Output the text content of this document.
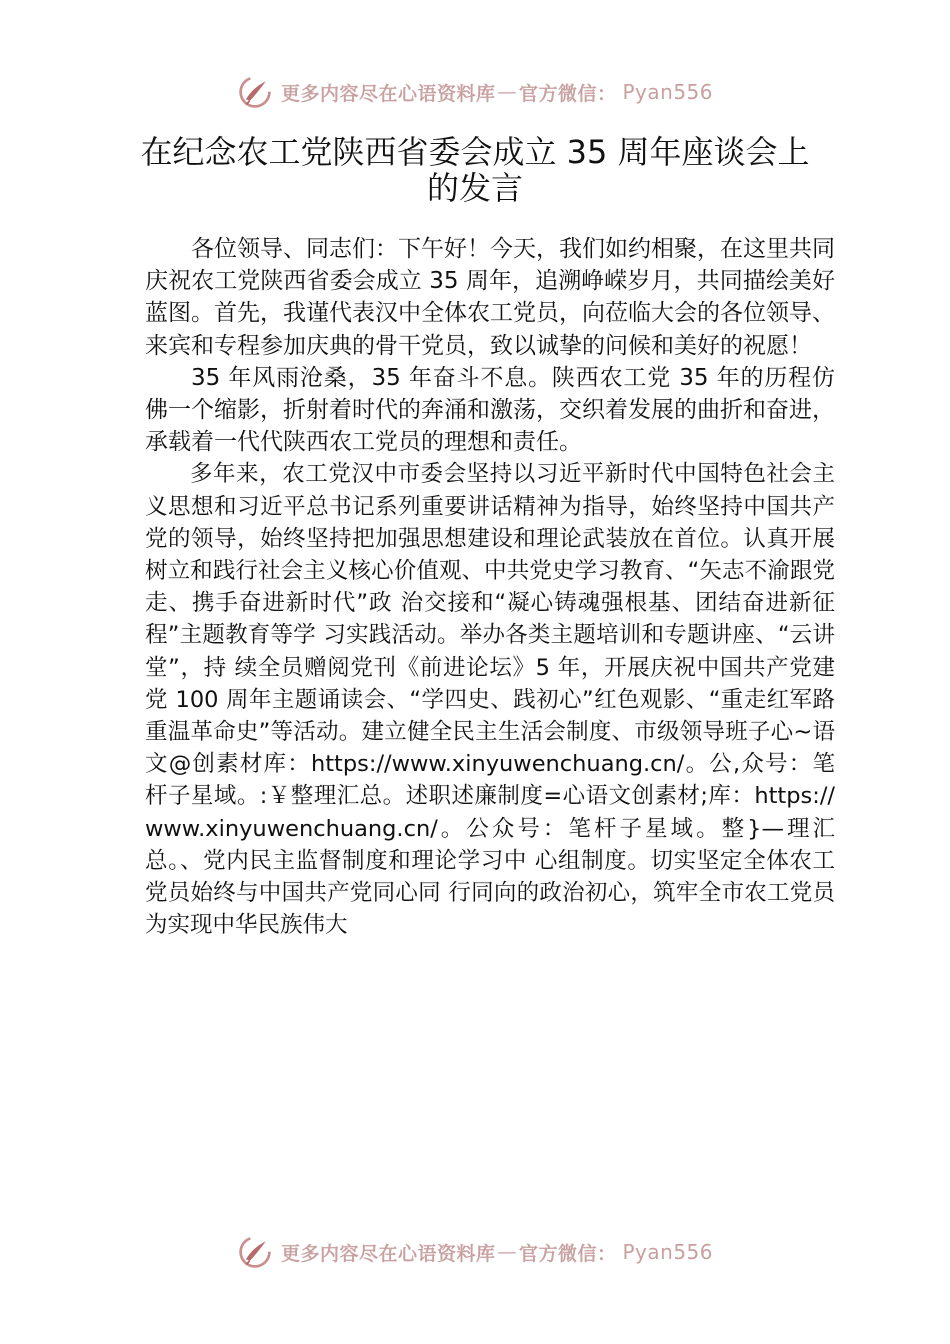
更多内容尽在心语资料库 — 官方微信： Pyan556
在纪念农工党陕西省委会成立 35 周年座谈会上的发言

各位领导、同志们：下午好！今天，我们如约相聚，在这里共同庆祝农工党陕西省委会成立 35 周年，追溯峥嵘岁月，共同描绘美好蓝图。首先，我谨代表汉中全体农工党员，向莅临大会的各位领导、来宾和专程参加庆典的骨干党员，致以诚挚的问候和美好的祝愿！

35 年风雨沧桑，35 年奋斗不息。陕西农工党 35 年的历程仿佛一个缩影，折射着时代的奔涌和激荡，交织着发展的曲折和奋进，承载着一代代陕西农工党员的理想和责任。

多年来，农工党汉中市委会坚持以习近平新时代中国特色社会主义思想和习近平总书记系列重要讲话精神为指导，始终坚持中国共产党的领导，始终坚持把加强思想建设和理论武装放在首位。认真开展树立和践行社会主义核心价值观、中共党史学习教育、“矢志不渝跟党走、携手奋进新时代”政 治交接和“凝心铸魂强根基、团结奋进新征程”主题教育等学 习实践活动。举办各类主题培训和专题讲座、“云讲堂”，持 续全员赠阅党刊《前进论坛》5 年，开展庆祝中国共产党建党 100 周年主题诵读会、“学四史、践初心”红色观影、“重走红军路 重温革命史”等活动。建立健全民主生活会制度、市级领导班子心~语文@创素材库：https://www.xinyuwenchuang.cn/。公,众号：笔杆子星域。:￥整理汇总。述职述廉制度=心语文创素材;库：https://www.xinyuwenchuang.cn/。公众号：笔杆子星域。整}—理汇总。、党内民主监督制度和理论学习中 心组制度。切实坚定全体农工党员始终与中国共产党同心同 行同向的政治初心，筑牢全市农工党员为实现中华民族伟大

更多内容尽在心语资料库 — 官方微信： Pyan556
